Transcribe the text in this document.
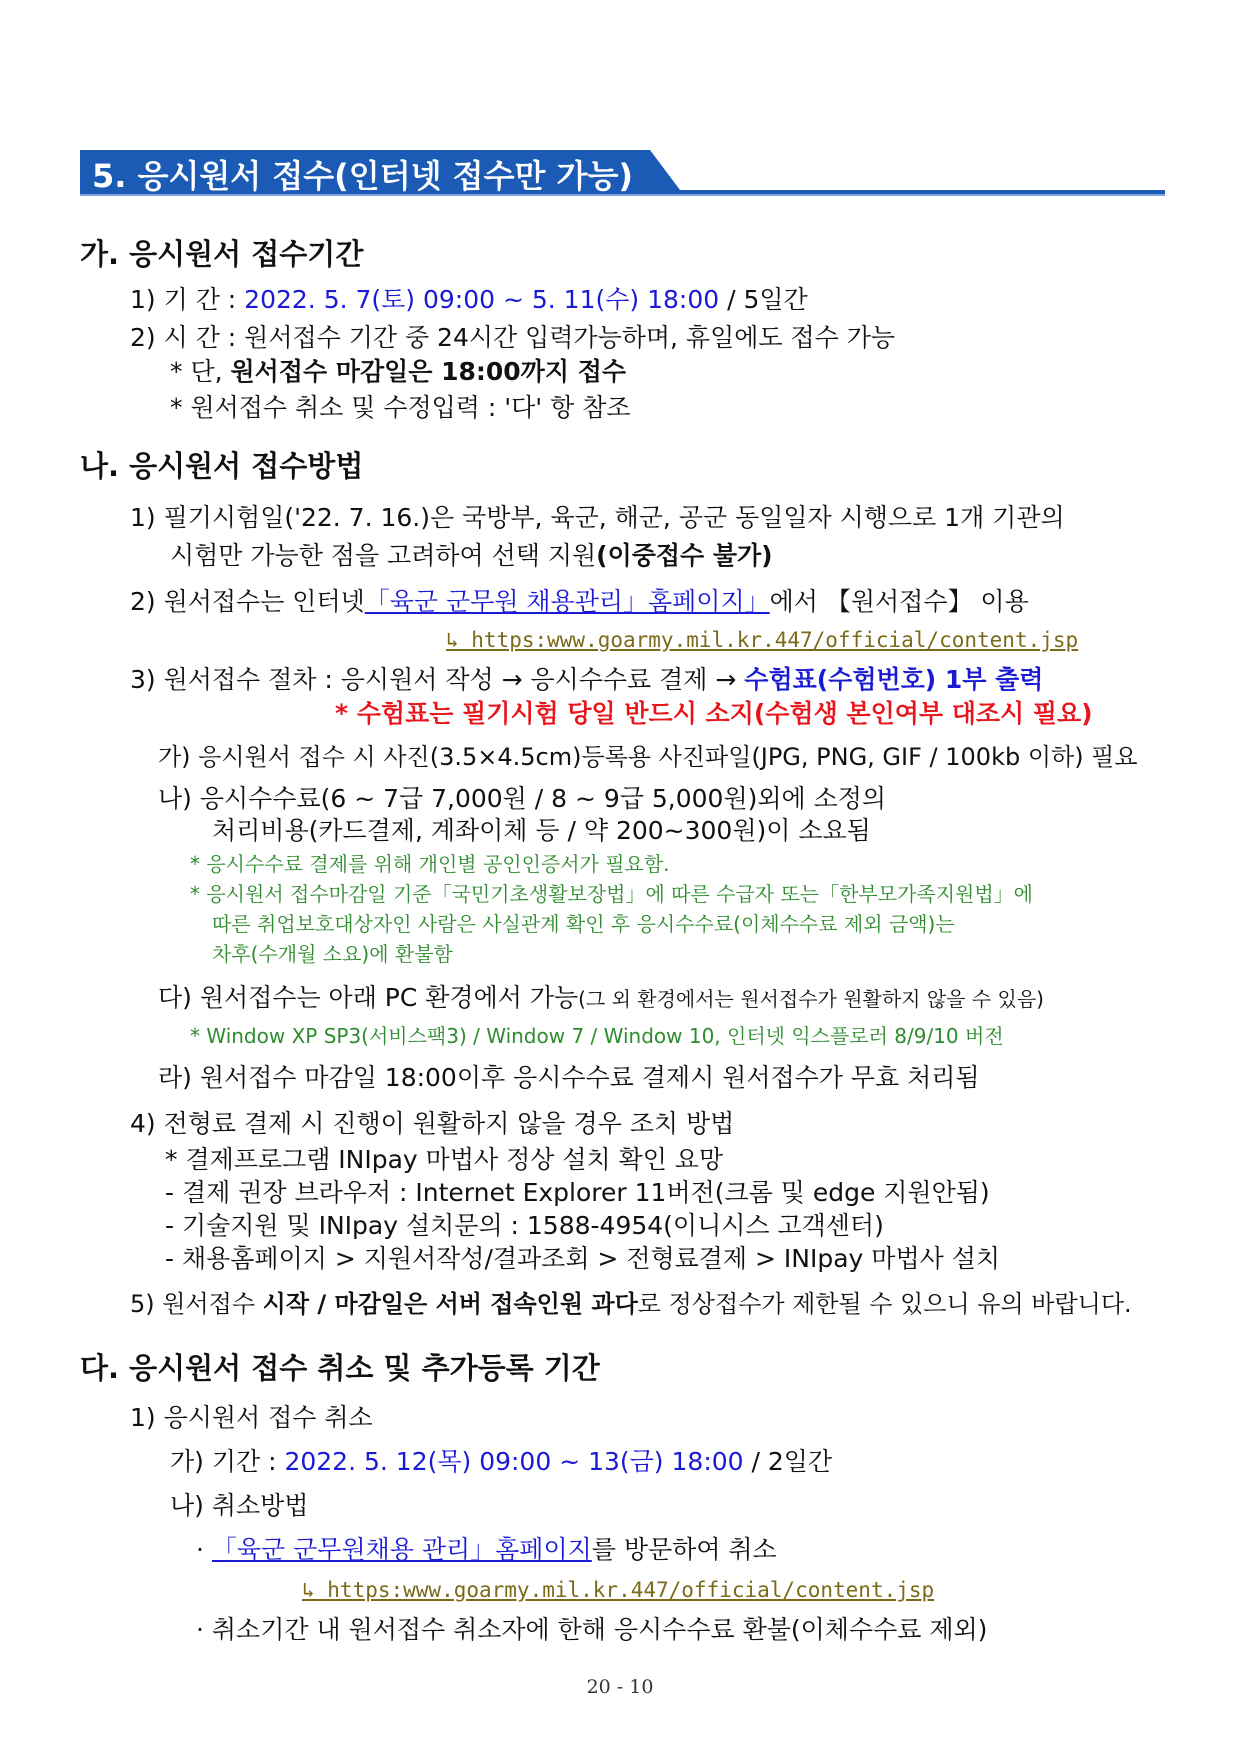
5. 응시원서 접수(인터넷 접수만 가능)
가. 응시원서 접수기간
1) 기 간 : 2022. 5. 7(토) 09:00 ~ 5. 11(수) 18:00 / 5일간
2) 시 간 : 원서접수 기간 중 24시간 입력가능하며, 휴일에도 접수 가능
* 단, 원서접수 마감일은 18:00까지 접수
* 원서접수 취소 및 수정입력 : '다' 항 참조
나. 응시원서 접수방법
1) 필기시험일('22. 7. 16.)은 국방부, 육군, 해군, 공군 동일일자 시행으로 1개 기관의
시험만 가능한 점을 고려하여 선택 지원(이중접수 불가)
2) 원서접수는 인터넷「육군 군무원 채용관리」홈페이지」에서 【원서접수】 이용
↳ https:www.goarmy.mil.kr.447/official/content.jsp
3) 원서접수 절차 : 응시원서 작성 → 응시수수료 결제 → 수험표(수험번호) 1부 출력
* 수험표는 필기시험 당일 반드시 소지(수험생 본인여부 대조시 필요)
가) 응시원서 접수 시 사진(3.5×4.5cm)등록용 사진파일(JPG, PNG, GIF / 100kb 이하) 필요
나) 응시수수료(6 ~ 7급 7,000원 / 8 ~ 9급 5,000원)외에 소정의
처리비용(카드결제, 계좌이체 등 / 약 200~300원)이 소요됨
* 응시수수료 결제를 위해 개인별 공인인증서가 필요함.
* 응시원서 접수마감일 기준「국민기초생활보장법」에 따른 수급자 또는「한부모가족지원법」에
따른 취업보호대상자인 사람은 사실관계 확인 후 응시수수료(이체수수료 제외 금액)는
차후(수개월 소요)에 환불함
다) 원서접수는 아래 PC 환경에서 가능(그 외 환경에서는 원서접수가 원활하지 않을 수 있음)
* Window XP SP3(서비스팩3) / Window 7 / Window 10, 인터넷 익스플로러 8/9/10 버전
라) 원서접수 마감일 18:00이후 응시수수료 결제시 원서접수가 무효 처리됨
4) 전형료 결제 시 진행이 원활하지 않을 경우 조치 방법
* 결제프로그램 INIpay 마법사 정상 설치 확인 요망
- 결제 권장 브라우저 : Internet Explorer 11버전(크롬 및 edge 지원안됨)
- 기술지원 및 INIpay 설치문의 : 1588-4954(이니시스 고객센터)
- 채용홈페이지 > 지원서작성/결과조회 > 전형료결제 > INIpay 마법사 설치
5) 원서접수 시작 / 마감일은 서버 접속인원 과다로 정상접수가 제한될 수 있으니 유의 바랍니다.
다. 응시원서 접수 취소 및 추가등록 기간
1) 응시원서 접수 취소
가) 기간 : 2022. 5. 12(목) 09:00 ~ 13(금) 18:00 / 2일간
나) 취소방법
· 「육군 군무원채용 관리」홈페이지를 방문하여 취소
↳ https:www.goarmy.mil.kr.447/official/content.jsp
· 취소기간 내 원서접수 취소자에 한해 응시수수료 환불(이체수수료 제외)
20 - 10
